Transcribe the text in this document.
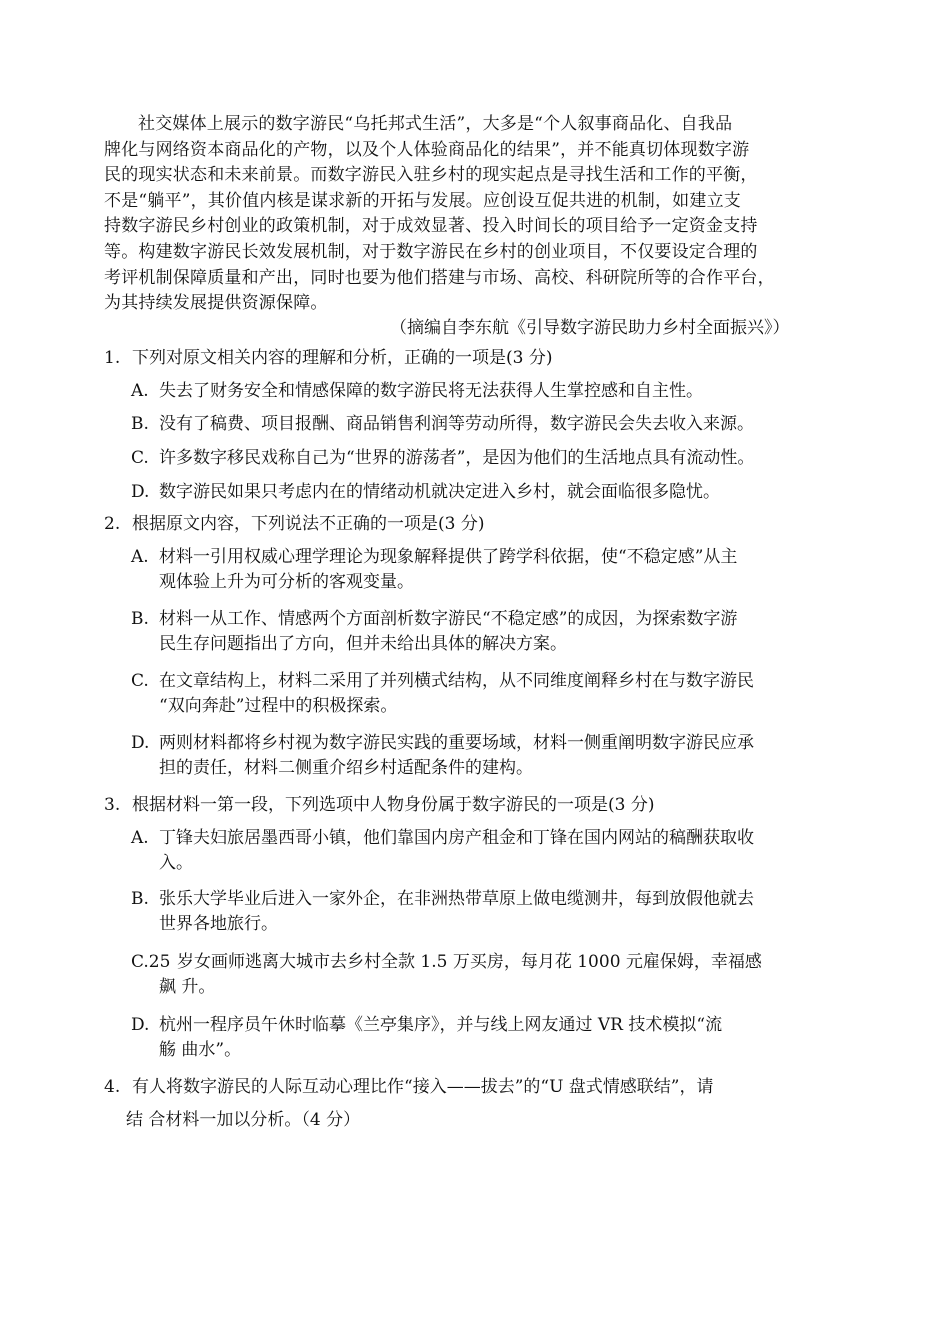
社交媒体上展示的数字游民“乌托邦式生活”，大多是“个人叙事商品化、自我品
牌化与网络资本商品化的产物，以及个人体验商品化的结果”，并不能真切体现数字游
民的现实状态和未来前景。而数字游民入驻乡村的现实起点是寻找生活和工作的平衡，
不是“躺平”，其价值内核是谋求新的开拓与发展。应创设互促共进的机制，如建立支
持数字游民乡村创业的政策机制，对于成效显著、投入时间长的项目给予一定资金支持
等。构建数字游民长效发展机制，对于数字游民在乡村的创业项目，不仅要设定合理的
考评机制保障质量和产出，同时也要为他们搭建与市场、高校、科研院所等的合作平台，
为其持续发展提供资源保障。
（摘编自李东航《引导数字游民助力乡村全面振兴》）
1. 下列对原文相关内容的理解和分析，正确的一项是(3 分)
A. 失去了财务安全和情感保障的数字游民将无法获得人生掌控感和自主性。
B. 没有了稿费、项目报酬、商品销售利润等劳动所得，数字游民会失去收入来源。
C. 许多数字移民戏称自己为“世界的游荡者”，是因为他们的生活地点具有流动性。
D. 数字游民如果只考虑内在的情绪动机就决定进入乡村，就会面临很多隐忧。
2. 根据原文内容，下列说法不正确的一项是(3 分)
A. 材料一引用权威心理学理论为现象解释提供了跨学科依据，使“不稳定感”从主
观体验上升为可分析的客观变量。
B. 材料一从工作、情感两个方面剖析数字游民“不稳定感”的成因，为探索数字游
民生存问题指出了方向，但并未给出具体的解决方案。
C. 在文章结构上，材料二采用了并列横式结构，从不同维度阐释乡村在与数字游民
“双向奔赴”过程中的积极探索。
D. 两则材料都将乡村视为数字游民实践的重要场域，材料一侧重阐明数字游民应承
担的责任，材料二侧重介绍乡村适配条件的建构。
3. 根据材料一第一段，下列选项中人物身份属于数字游民的一项是(3 分)
A. 丁锋夫妇旅居墨西哥小镇，他们靠国内房产租金和丁锋在国内网站的稿酬获取收
入。
B. 张乐大学毕业后进入一家外企，在非洲热带草原上做电缆测井，每到放假他就去
世界各地旅行。
C.25 岁女画师逃离大城市去乡村全款 1.5 万买房，每月花 1000 元雇保姆，幸福感
飙 升。
D. 杭州一程序员午休时临摹《兰亭集序》，并与线上网友通过 VR 技术模拟“流
觞 曲水”。
4. 有人将数字游民的人际互动心理比作“接入——拔去”的“U 盘式情感联结”，请
结 合材料一加以分析。（4 分）
